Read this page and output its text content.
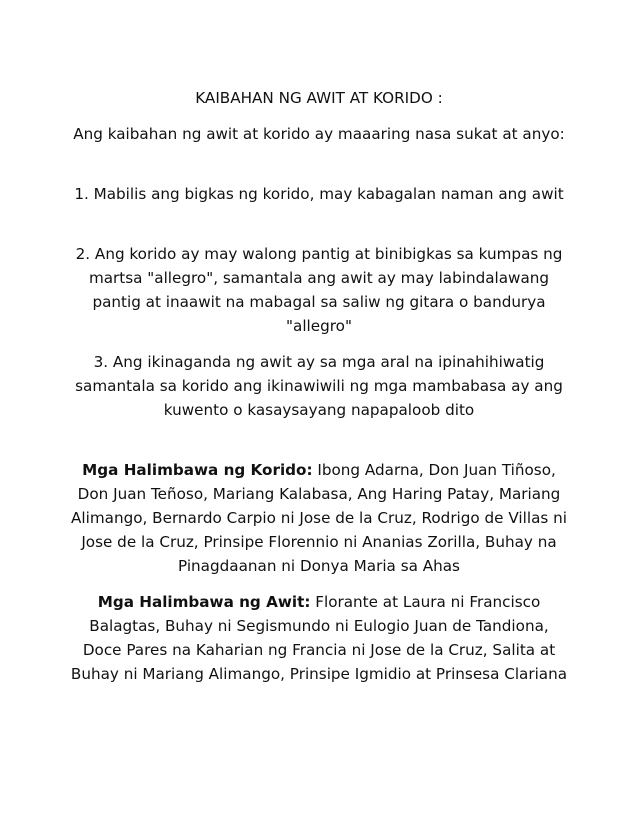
KAIBAHAN NG AWIT AT KORIDO :

Ang kaibahan ng awit at korido ay maaaring nasa sukat at anyo:

1. Mabilis ang bigkas ng korido, may kabagalan naman ang awit

2. Ang korido ay may walong pantig at binibigkas sa kumpas ng martsa "allegro", samantala ang awit ay may labindalawang pantig at inaawit na mabagal sa saliw ng gitara o bandurya "allegro"

3. Ang ikinaganda ng awit ay sa mga aral na ipinahihiwatig samantala sa korido ang ikinawiwili ng mga mambabasa ay ang kuwento o kasaysayang napapaloob dito

Mga Halimbawa ng Korido: Ibong Adarna, Don Juan Tiñoso, Don Juan Teñoso, Mariang Kalabasa, Ang Haring Patay, Mariang Alimango, Bernardo Carpio ni Jose de la Cruz, Rodrigo de Villas ni Jose de la Cruz, Prinsipe Florennio ni Ananias Zorilla, Buhay na Pinagdaanan ni Donya Maria sa Ahas

Mga Halimbawa ng Awit: Florante at Laura ni Francisco Balagtas, Buhay ni Segismundo ni Eulogio Juan de Tandiona, Doce Pares na Kaharian ng Francia ni Jose de la Cruz, Salita at Buhay ni Mariang Alimango, Prinsipe Igmidio at Prinsesa Clariana
